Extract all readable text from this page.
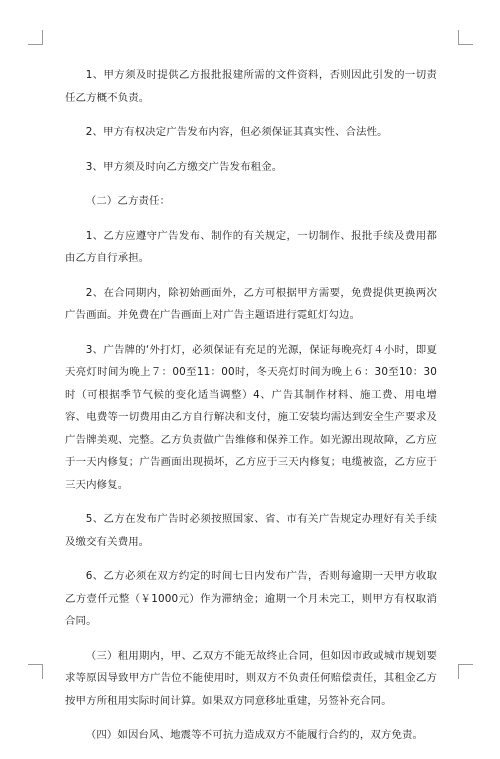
1、甲方须及时提供乙方报批报建所需的文件资料，否则因此引发的一切责任乙方概不负责。

2、甲方有权决定广告发布内容，但必须保证其真实性、合法性。

3、甲方须及时向乙方缴交广告发布租金。

（二）乙方责任：

1、乙方应遵守广告发布、制作的有关规定，一切制作、报批手续及费用都由乙方自行承担。

2、在合同期内，除初始画面外，乙方可根据甲方需要，免费提供更换两次广告画面。并免费在广告画面上对广告主题语进行霓虹灯勾边。

3、广告牌的‘外打灯，必须保证有充足的光源，保证每晚亮灯４小时，即夏天亮灯时间为晚上７：00至11：00时，冬天亮灯时间为晚上６：30至10：30时（可根据季节气候的变化适当调整）4、广告其制作材料、施工费、用电增容、电费等一切费用由乙方自行解决和支付，施工安装均需达到安全生产要求及广告牌美观、完整。乙方负责做广告维修和保养工作。如光源出现故障，乙方应于一天内修复；广告画面出现损坏，乙方应于三天内修复；电缆被盗，乙方应于三天内修复。

5、乙方在发布广告时必须按照国家、省、市有关广告规定办理好有关手续及缴交有关费用。

6、乙方必须在双方约定的时间七日内发布广告，否则每逾期一天甲方收取乙方壹仟元整（￥1000元）作为滞纳金；逾期一个月未完工，则甲方有权取消合同。

（三）租用期内，甲、乙双方不能无故终止合同，但如因市政或城市规划要求等原因导致甲方广告位不能使用时，则双方不负责任何赔偿责任，其租金乙方按甲方所租用实际时间计算。如果双方同意移址重建，另签补充合同。

（四）如因台风、地震等不可抗力造成双方不能履行合约的，双方免责。
